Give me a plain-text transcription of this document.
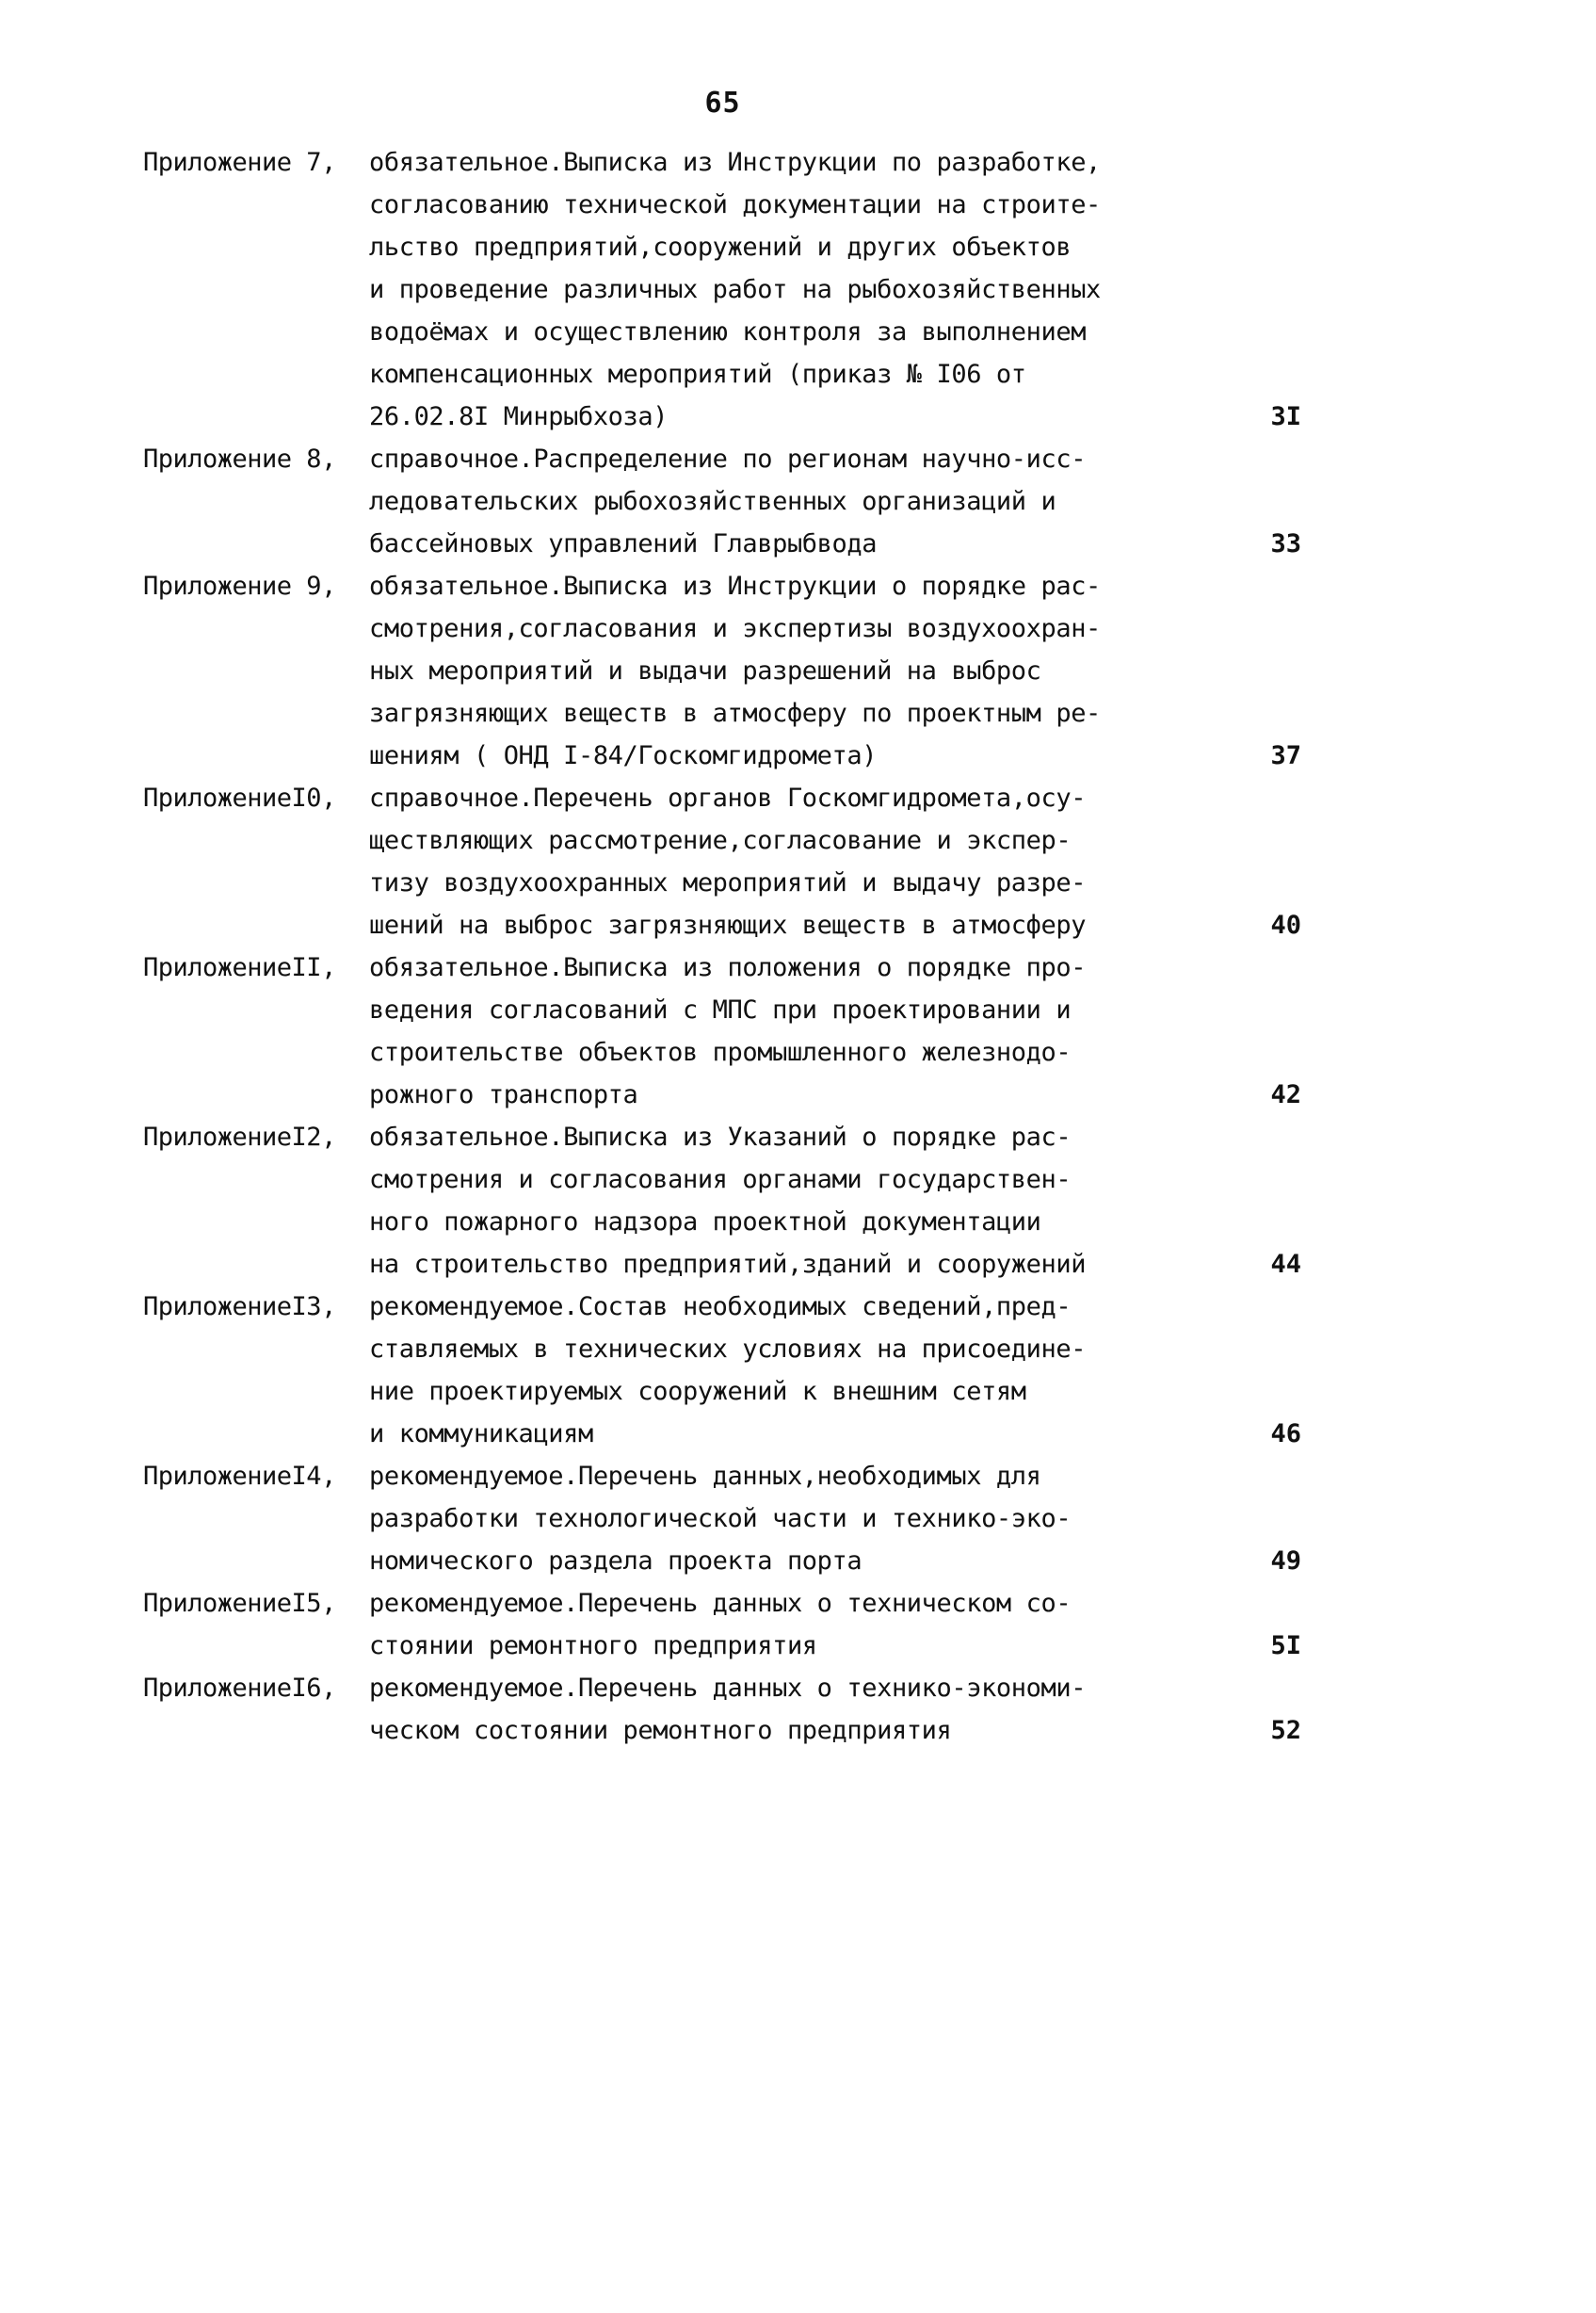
65
Приложение 7,	обязательное.Выписка из Инструкции по разработке,
согласованию технической документации на строите-
льство предприятий,сооружений и других объектов
и проведение различных работ на рыбохозяйственных
водоёмах и осуществлению контроля за выполнением
компенсационных мероприятий (приказ № I06 от
26.02.8I Минрыбхоза)	3I
Приложение 8,	справочное.Распределение по регионам научно-исс-
ледовательских рыбохозяйственных организаций и
бассейновых управлений Главрыбвода	33
Приложение 9,	обязательное.Выписка из Инструкции о порядке рас-
смотрения,согласования и экспертизы воздухоохран-
ных мероприятий и выдачи разрешений на выброс
загрязняющих веществ в атмосферу по проектным ре-
шениям ( ОНД I-84/Госкомгидромета)	37
ПриложениеI0,	справочное.Перечень органов Госкомгидромета,осу-
ществляющих рассмотрение,согласование и экспер-
тизу воздухоохранных мероприятий и выдачу разре-
шений на выброс загрязняющих веществ в атмосферу	40
ПриложениеII,	обязательное.Выписка из положения о порядке про-
ведения согласований с МПС при проектировании и
строительстве объектов промышленного железнодо-
рожного транспорта	42
ПриложениеI2,	обязательное.Выписка из Указаний о порядке рас-
смотрения и согласования органами государствен-
ного пожарного надзора проектной документации
на строительство предприятий,зданий и сооружений	44
ПриложениеI3,	рекомендуемое.Состав необходимых сведений,пред-
ставляемых в технических условиях на присоедине-
ние проектируемых сооружений к внешним сетям
и коммуникациям	46
ПриложениеI4,	рекомендуемое.Перечень данных,необходимых для
разработки технологической части и технико-эко-
номического раздела проекта порта	49
ПриложениеI5,	рекомендуемое.Перечень данных о техническом со-
стоянии ремонтного предприятия	5I
ПриложениеI6,	рекомендуемое.Перечень данных о технико-экономи-
ческом состоянии ремонтного предприятия	52
